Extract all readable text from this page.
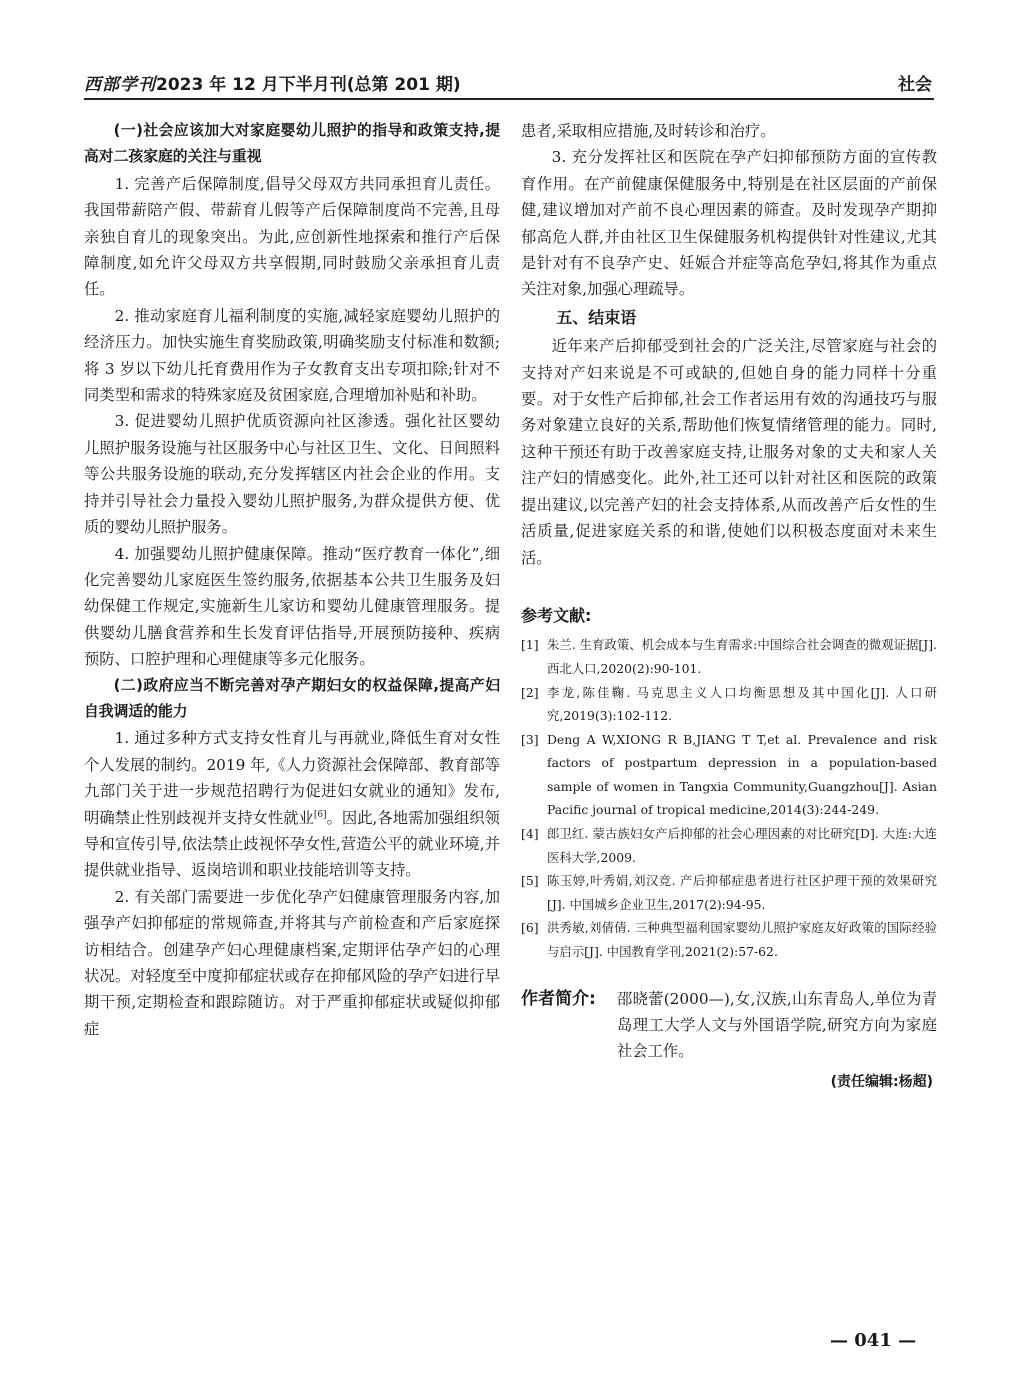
西部学刊2023 年 12 月下半月刊(总第 201 期)	社会

(一)社会应该加大对家庭婴幼儿照护的指导和政策支持,提高对二孩家庭的关注与重视

1. 完善产后保障制度,倡导父母双方共同承担育儿责任。我国带薪陪产假、带薪育儿假等产后保障制度尚不完善,且母亲独自育儿的现象突出。为此,应创新性地探索和推行产后保障制度,如允许父母双方共享假期,同时鼓励父亲承担育儿责任。

2. 推动家庭育儿福利制度的实施,减轻家庭婴幼儿照护的经济压力。加快实施生育奖励政策,明确奖励支付标准和数额;将 3 岁以下幼儿托育费用作为子女教育支出专项扣除;针对不同类型和需求的特殊家庭及贫困家庭,合理增加补贴和补助。

3. 促进婴幼儿照护优质资源向社区渗透。强化社区婴幼儿照护服务设施与社区服务中心与社区卫生、文化、日间照料等公共服务设施的联动,充分发挥辖区内社会企业的作用。支持并引导社会力量投入婴幼儿照护服务,为群众提供方便、优质的婴幼儿照护服务。

4. 加强婴幼儿照护健康保障。推动“医疗教育一体化”,细化完善婴幼儿家庭医生签约服务,依据基本公共卫生服务及妇幼保健工作规定,实施新生儿家访和婴幼儿健康管理服务。提供婴幼儿膳食营养和生长发育评估指导,开展预防接种、疾病预防、口腔护理和心理健康等多元化服务。

(二)政府应当不断完善对孕产期妇女的权益保障,提高产妇自我调适的能力

1. 通过多种方式支持女性育儿与再就业,降低生育对女性个人发展的制约。2019 年,《人力资源社会保障部、教育部等九部门关于进一步规范招聘行为促进妇女就业的通知》发布,明确禁止性别歧视并支持女性就业[6]。因此,各地需加强组织领导和宣传引导,依法禁止歧视怀孕女性,营造公平的就业环境,并提供就业指导、返岗培训和职业技能培训等支持。

2. 有关部门需要进一步优化孕产妇健康管理服务内容,加强孕产妇抑郁症的常规筛查,并将其与产前检查和产后家庭探访相结合。创建孕产妇心理健康档案,定期评估孕产妇的心理状况。对轻度至中度抑郁症状或存在抑郁风险的孕产妇进行早期干预,定期检查和跟踪随访。对于严重抑郁症状或疑似抑郁症

患者,采取相应措施,及时转诊和治疗。

3. 充分发挥社区和医院在孕产妇抑郁预防方面的宣传教育作用。在产前健康保健服务中,特别是在社区层面的产前保健,建议增加对产前不良心理因素的筛查。及时发现孕产期抑郁高危人群,并由社区卫生保健服务机构提供针对性建议,尤其是针对有不良孕产史、妊娠合并症等高危孕妇,将其作为重点关注对象,加强心理疏导。

五、结束语

近年来产后抑郁受到社会的广泛关注,尽管家庭与社会的支持对产妇来说是不可或缺的,但她自身的能力同样十分重要。对于女性产后抑郁,社会工作者运用有效的沟通技巧与服务对象建立良好的关系,帮助他们恢复情绪管理的能力。同时,这种干预还有助于改善家庭支持,让服务对象的丈夫和家人关注产妇的情感变化。此外,社工还可以针对社区和医院的政策提出建议,以完善产妇的社会支持体系,从而改善产后女性的生活质量,促进家庭关系的和谐,使她们以积极态度面对未来生活。

参考文献:
[1] 朱兰. 生育政策、机会成本与生育需求:中国综合社会调查的微观证据[J]. 西北人口,2020(2):90-101.
[2] 李龙,陈佳鞠. 马克思主义人口均衡思想及其中国化[J]. 人口研究,2019(3):102-112.
[3] Deng A W,XIONG R B,JIANG T T,et al. Prevalence and risk factors of postpartum depression in a population-based sample of women in Tangxia Community,Guangzhou[J]. Asian Pacific journal of tropical medicine,2014(3):244-249.
[4] 郎卫红. 蒙古族妇女产后抑郁的社会心理因素的对比研究[D]. 大连:大连医科大学,2009.
[5] 陈玉婷,叶秀娟,刘汉竞. 产后抑郁症患者进行社区护理干预的效果研究[J]. 中国城乡企业卫生,2017(2):94-95.
[6] 洪秀敏,刘倩倩. 三种典型福利国家婴幼儿照护家庭友好政策的国际经验与启示[J]. 中国教育学刊,2021(2):57-62.
作者简介: 邵晓蕾(2000—),女,汉族,山东青岛人,单位为青岛理工大学人文与外国语学院,研究方向为家庭社会工作。
(责任编辑:杨超)
— 041 —
